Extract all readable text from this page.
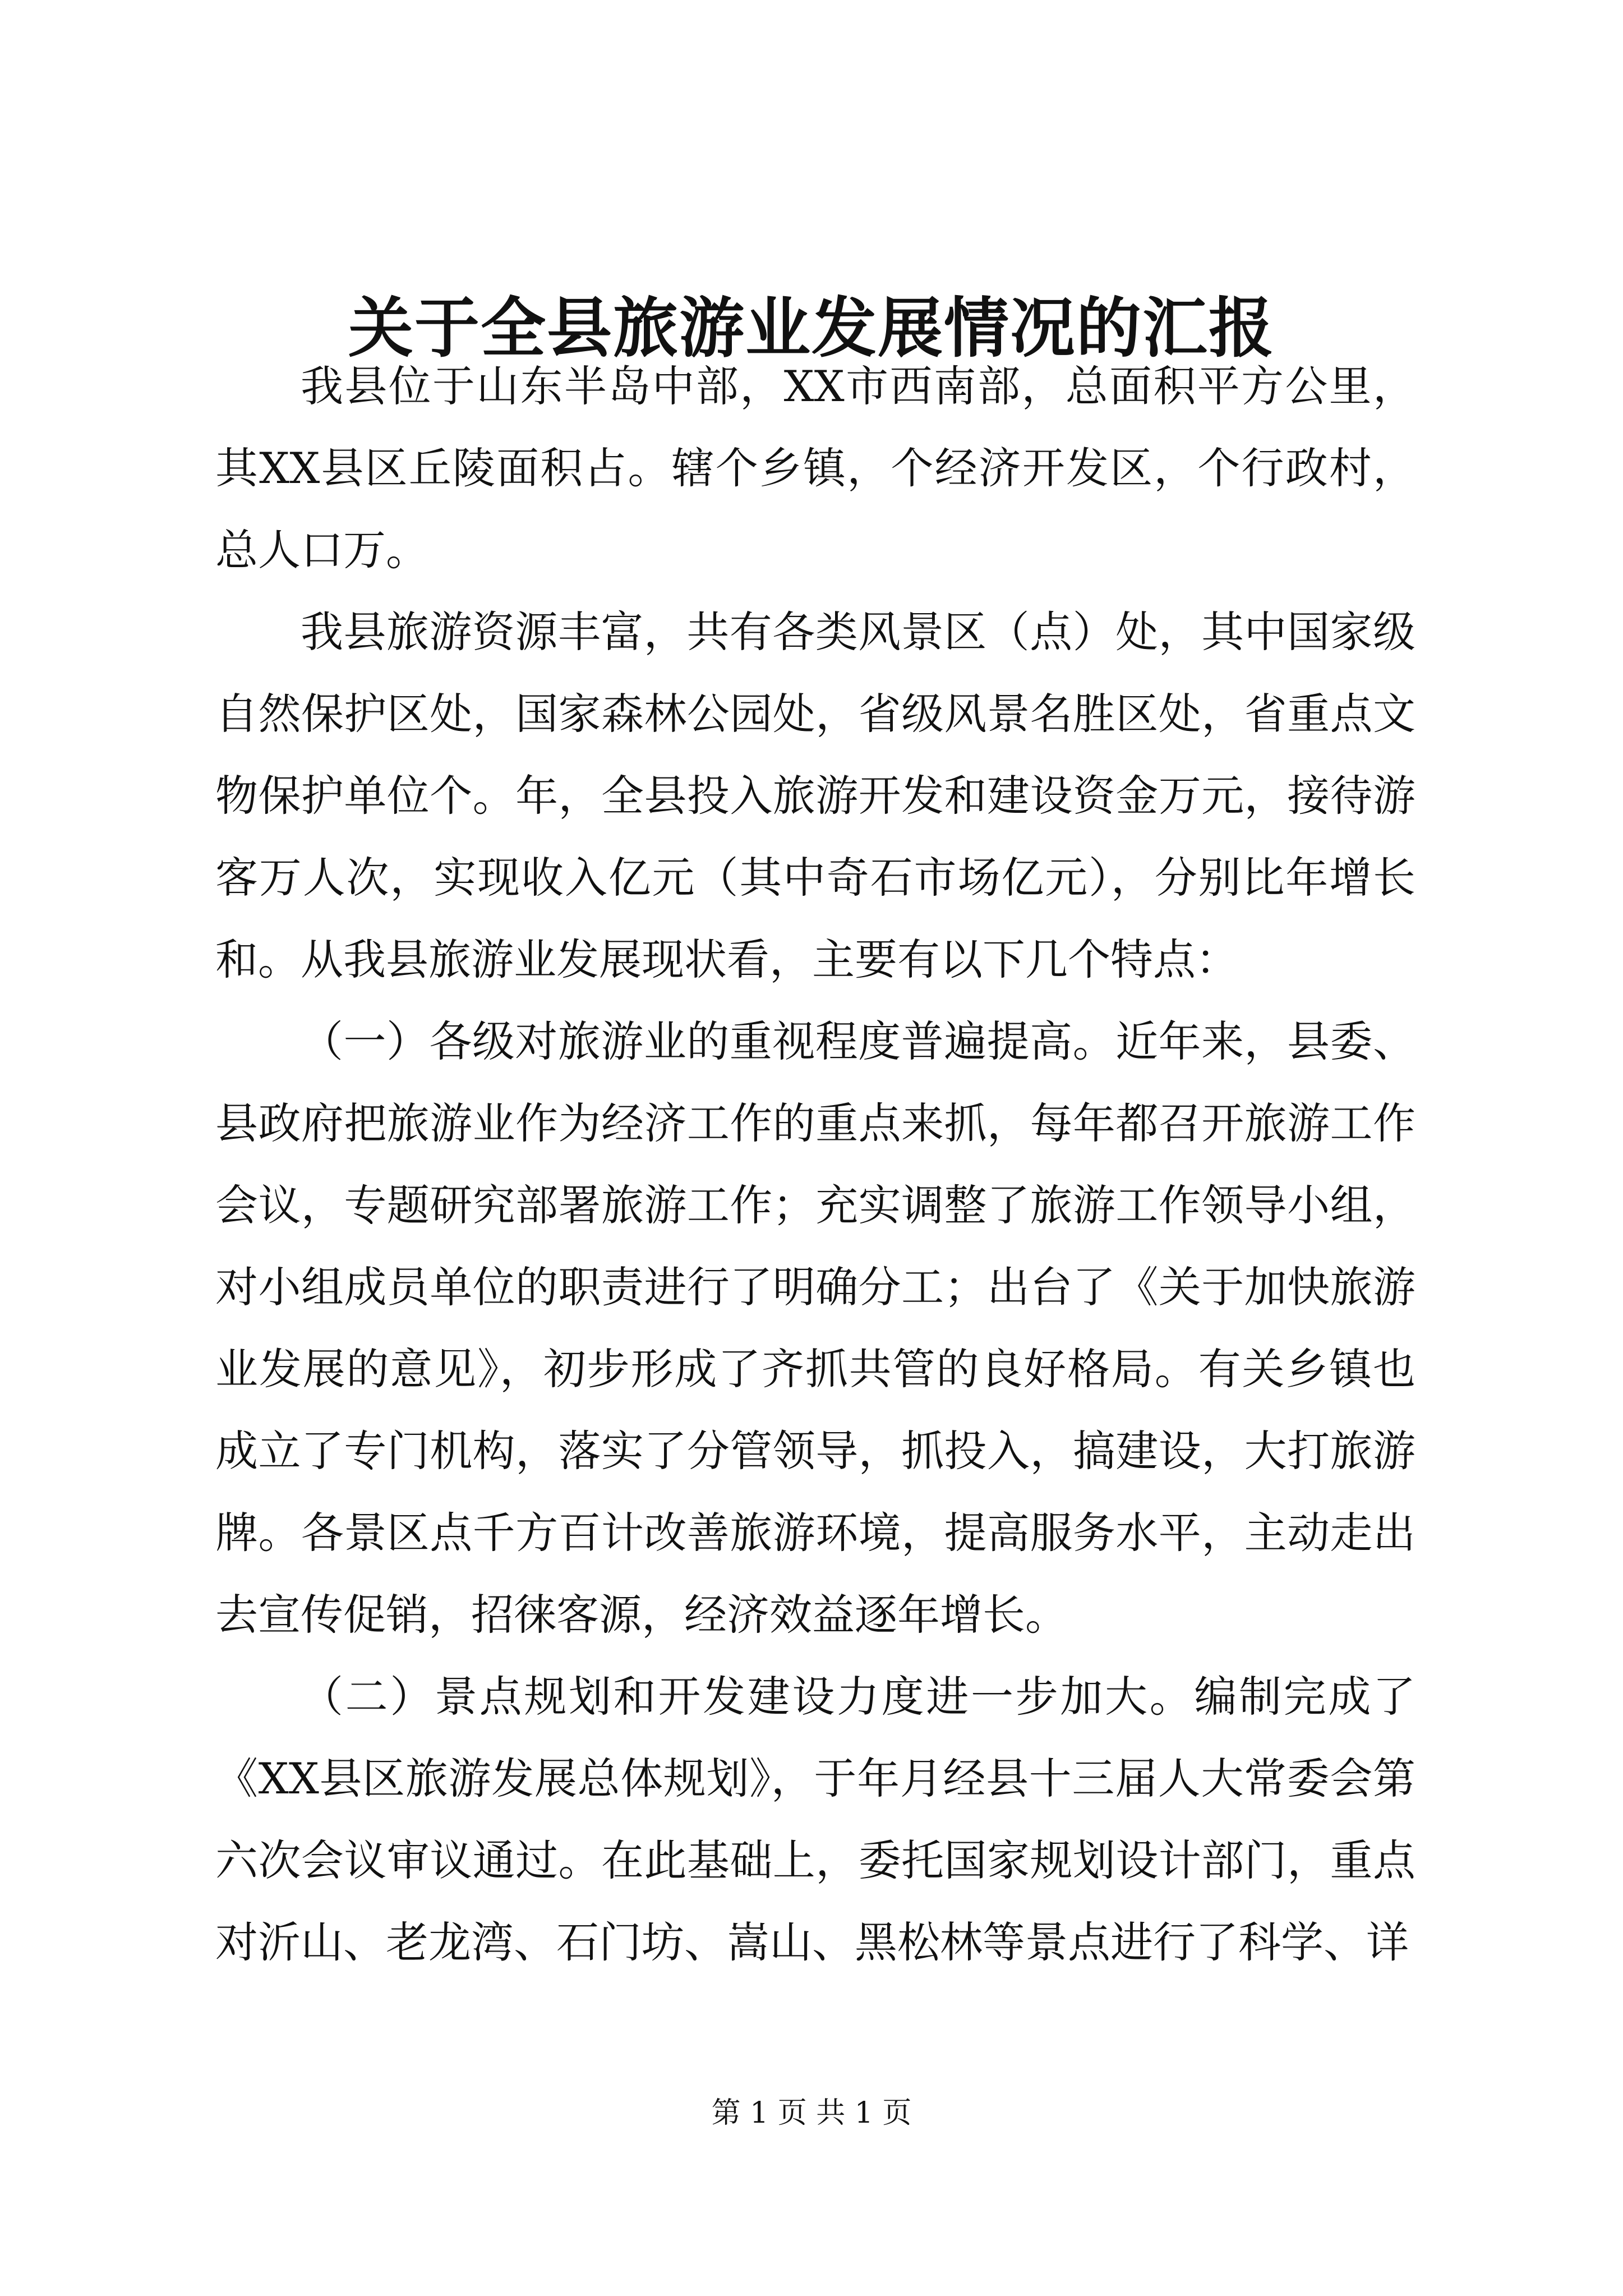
关于全县旅游业发展情况的汇报

我县位于山东半岛中部，XX市西南部，总面积平方公里，其XX县区丘陵面积占。辖个乡镇，个经济开发区，个行政村，总人口万。

我县旅游资源丰富，共有各类风景区（点）处，其中国家级自然保护区处，国家森林公园处，省级风景名胜区处，省重点文物保护单位个。年，全县投入旅游开发和建设资金万元，接待游客万人次，实现收入亿元（其中奇石市场亿元），分别比年增长和。从我县旅游业发展现状看，主要有以下几个特点：

（一）各级对旅游业的重视程度普遍提高。近年来，县委、县政府把旅游业作为经济工作的重点来抓，每年都召开旅游工作会议，专题研究部署旅游工作；充实调整了旅游工作领导小组，对小组成员单位的职责进行了明确分工；出台了《关于加快旅游业发展的意见》，初步形成了齐抓共管的良好格局。有关乡镇也成立了专门机构，落实了分管领导，抓投入，搞建设，大打旅游牌。各景区点千方百计改善旅游环境，提高服务水平，主动走出去宣传促销，招徕客源，经济效益逐年增长。

（二）景点规划和开发建设力度进一步加大。编制完成了《XX县区旅游发展总体规划》，于年月经县十三届人大常委会第六次会议审议通过。在此基础上，委托国家规划设计部门，重点对沂山、老龙湾、石门坊、嵩山、黑松林等景点进行了科学、详

第 1 页 共 1 页
